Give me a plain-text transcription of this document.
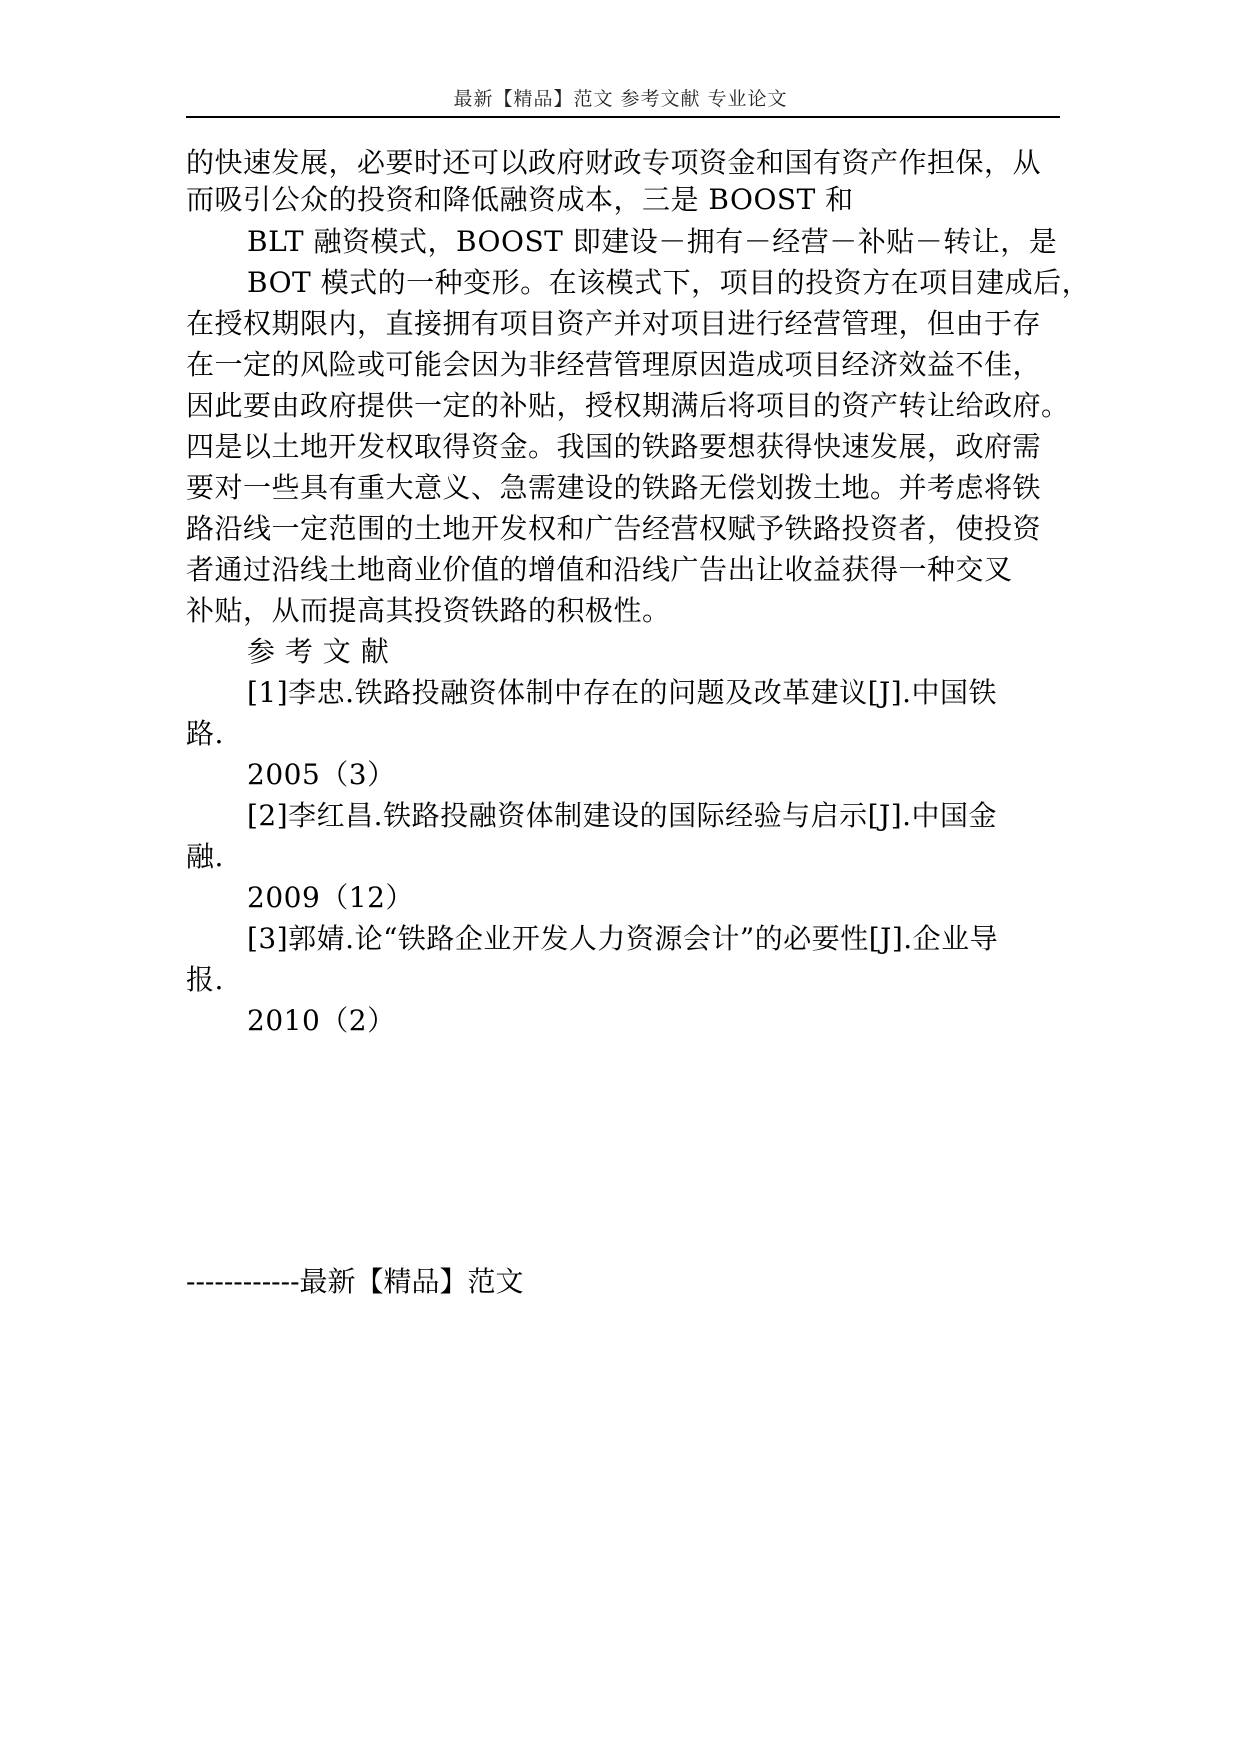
最新【精品】范文 参考文献 专业论文
的快速发展，必要时还可以政府财政专项资金和国有资产作担保，从
而吸引公众的投资和降低融资成本，三是 BOOST 和
BLT 融资模式，BOOST 即建设－拥有－经营－补贴－转让，是
BOT 模式的一种变形。在该模式下，项目的投资方在项目建成后，
在授权期限内，直接拥有项目资产并对项目进行经营管理，但由于存
在一定的风险或可能会因为非经营管理原因造成项目经济效益不佳，
因此要由政府提供一定的补贴，授权期满后将项目的资产转让给政府。
四是以土地开发权取得资金。我国的铁路要想获得快速发展，政府需
要对一些具有重大意义、急需建设的铁路无偿划拨土地。并考虑将铁
路沿线一定范围的土地开发权和广告经营权赋予铁路投资者，使投资
者通过沿线土地商业价值的增值和沿线广告出让收益获得一种交叉
补贴，从而提高其投资铁路的积极性。
参 考 文 献
[1]李忠.铁路投融资体制中存在的问题及改革建议[J].中国铁
路.
2005（3）
[2]李红昌.铁路投融资体制建设的国际经验与启示[J].中国金
融.
2009（12）
[3]郭婧.论“铁路企业开发人力资源会计”的必要性[J].企业导
报.
2010（2）
------------最新【精品】范文
